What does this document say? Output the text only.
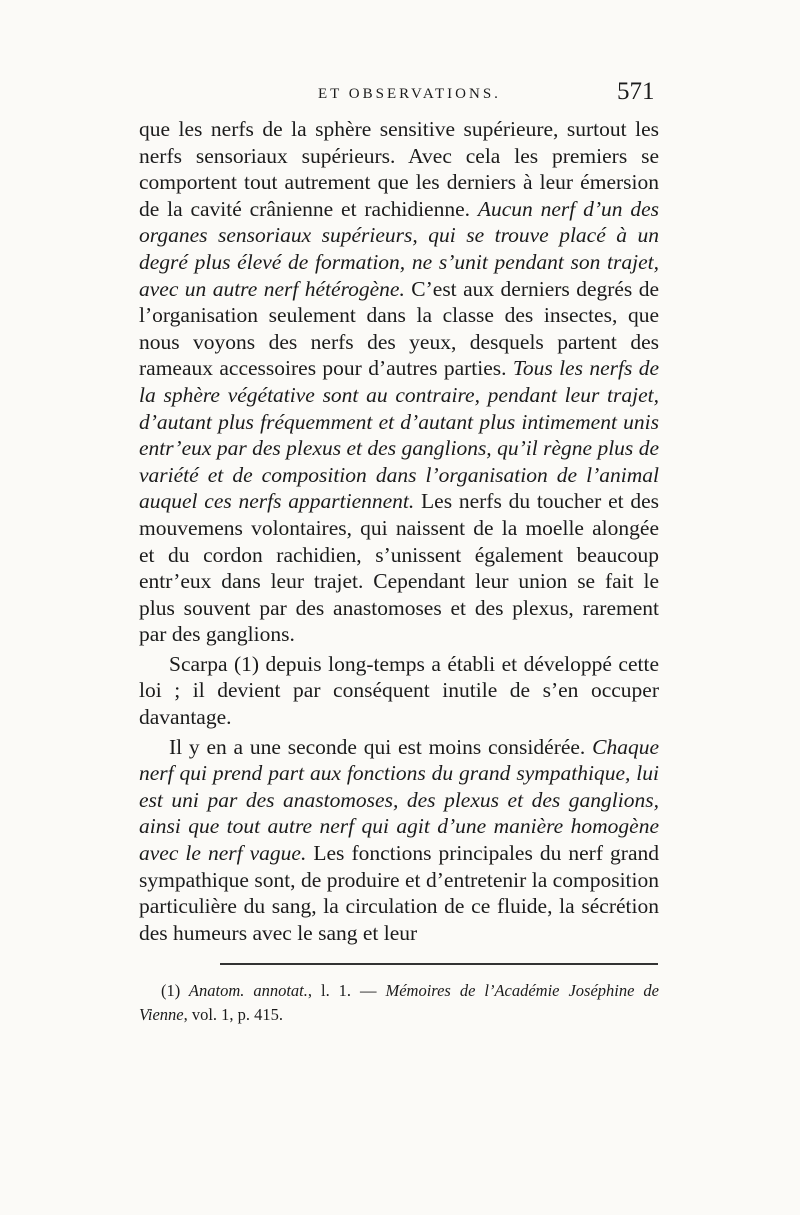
ET OBSERVATIONS.	571

que les nerfs de la sphère sensitive supérieure, surtout les nerfs sensoriaux supérieurs. Avec cela les premiers se comportent tout autrement que les derniers à leur émersion de la cavité crânienne et rachidienne. Aucun nerf d’un des organes sensoriaux supérieurs, qui se trouve placé à un degré plus élevé de formation, ne s’unit pendant son trajet, avec un autre nerf hétérogène. C’est aux derniers degrés de l’organisation seulement dans la classe des insectes, que nous voyons des nerfs des yeux, desquels partent des rameaux accessoires pour d’autres parties. Tous les nerfs de la sphère végétative sont au contraire, pendant leur trajet, d’autant plus fréquemment et d’autant plus intimement unis entr’eux par des plexus et des ganglions, qu’il règne plus de variété et de composition dans l’organisation de l’animal auquel ces nerfs appartiennent. Les nerfs du toucher et des mouvemens volontaires, qui naissent de la moelle alongée et du cordon rachidien, s’unissent également beaucoup entr’eux dans leur trajet. Cependant leur union se fait le plus souvent par des anastomoses et des plexus, rarement par des ganglions.

Scarpa (1) depuis long-temps a établi et développé cette loi ; il devient par conséquent inutile de s’en occuper davantage.

Il y en a une seconde qui est moins considérée. Chaque nerf qui prend part aux fonctions du grand sympathique, lui est uni par des anastomoses, des plexus et des ganglions, ainsi que tout autre nerf qui agit d’une manière homogène avec le nerf vague. Les fonctions principales du nerf grand sympathique sont, de produire et d’entretenir la composition particulière du sang, la circulation de ce fluide, la sécrétion des humeurs avec le sang et leur

(1) Anatom. annotat., l. 1. — Mémoires de l’Académie Joséphine de Vienne, vol. 1, p. 415.
